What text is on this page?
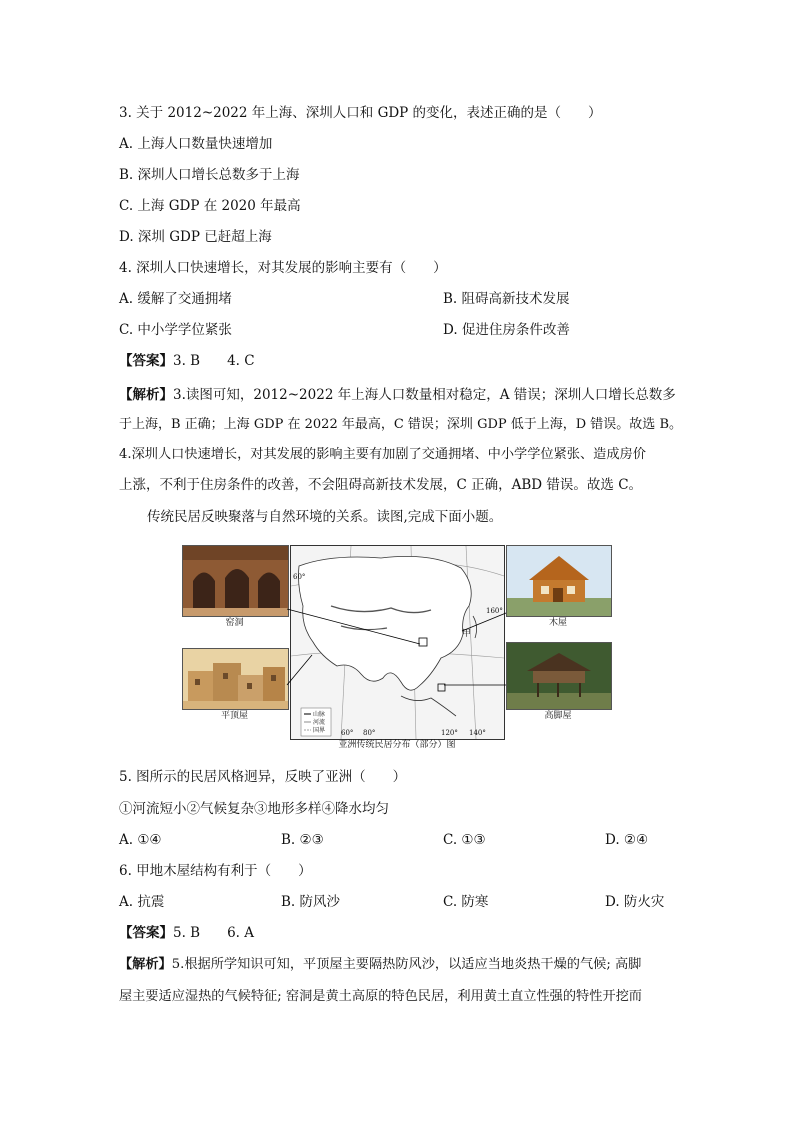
3. 关于 2012~2022 年上海、深圳人口和 GDP 的变化，表述正确的是（　　）
A. 上海人口数量快速增加
B. 深圳人口增长总数多于上海
C. 上海 GDP 在 2020 年最高
D. 深圳 GDP 已赶超上海
4. 深圳人口快速增长，对其发展的影响主要有（　　）
A. 缓解了交通拥堵	B. 阻碍高新技术发展
C. 中小学学位紧张	D. 促进住房条件改善
【答案】3. B　　4. C
【解析】3.读图可知，2012~2022 年上海人口数量相对稳定，A 错误；深圳人口增长总数多
于上海，B 正确；上海 GDP 在 2022 年最高，C 错误；深圳 GDP 低于上海，D 错误。故选 B。
4.深圳人口快速增长，对其发展的影响主要有加剧了交通拥堵、中小学学位紧张、造成房价
上涨，不利于住房条件的改善，不会阻碍高新技术发展，C 正确，ABD 错误。故选 C。
传统民居反映聚落与自然环境的关系。读图,完成下面小题。
窑洞
平顶屋
甲
山脉
河流
国界 60° 80°	120° 140°
160°
60°
木屋
高脚屋
亚洲传统民居分布（部分）图
5. 图所示的民居风格迥异，反映了亚洲（　　）
①河流短小②气候复杂③地形多样④降水均匀
A. ①④	B. ②③	C. ①③	D. ②④
6. 甲地木屋结构有利于（　　）
A. 抗震	B. 防风沙	C. 防寒	D. 防火灾
【答案】5. B　　6. A
【解析】5.根据所学知识可知，平顶屋主要隔热防风沙，以适应当地炎热干燥的气候; 高脚
屋主要适应湿热的气候特征; 窑洞是黄土高原的特色民居，利用黄土直立性强的特性开挖而
